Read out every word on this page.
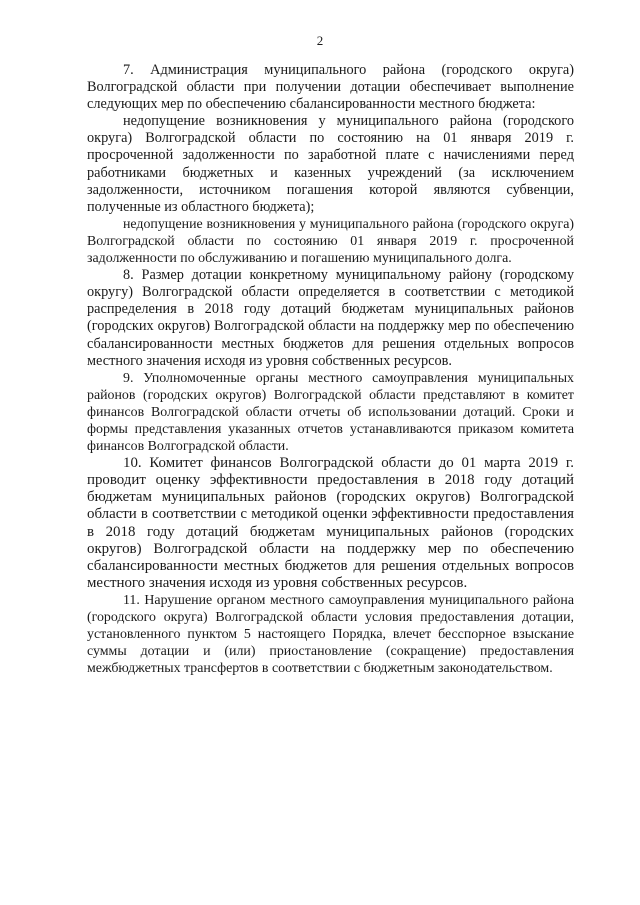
2

7. Администрация муниципального района (городского округа) Волгоградской области при получении дотации обеспечивает выполнение следующих мер по обеспечению сбалансированности местного бюджета:

недопущение возникновения у муниципального района (городского округа) Волгоградской области по состоянию на 01 января 2019 г. просроченной задолженности по заработной плате с начислениями перед работниками бюджетных и казенных учреждений (за исключением задолженности, источником погашения которой являются субвенции, полученные из областного бюджета);

недопущение возникновения у муниципального района (городского округа) Волгоградской области по состоянию 01 января 2019 г. просроченной задолженности по обслуживанию и погашению муниципального долга.

8. Размер дотации конкретному муниципальному району (городскому округу) Волгоградской области определяется в соответствии с методикой распределения в 2018 году дотаций бюджетам муниципальных районов (городских округов) Волгоградской области на поддержку мер по обеспечению сбалансированности местных бюджетов для решения отдельных вопросов местного значения исходя из уровня собственных ресурсов.

9. Уполномоченные органы местного самоуправления муниципальных районов (городских округов) Волгоградской области представляют в комитет финансов Волгоградской области отчеты об использовании дотаций. Сроки и формы представления указанных отчетов устанавливаются приказом комитета финансов Волгоградской области.

10. Комитет финансов Волгоградской области до 01 марта 2019 г. проводит оценку эффективности предоставления в 2018 году дотаций бюджетам муниципальных районов (городских округов) Волгоградской области в соответствии с методикой оценки эффективности предоставления в 2018 году дотаций бюджетам муниципальных районов (городских округов) Волгоградской области на поддержку мер по обеспечению сбалансированности местных бюджетов для решения отдельных вопросов местного значения исходя из уровня собственных ресурсов.

11. Нарушение органом местного самоуправления муниципального района (городского округа) Волгоградской области условия предоставления дотации, установленного пунктом 5 настоящего Порядка, влечет бесспорное взыскание суммы дотации и (или) приостановление (сокращение) предоставления межбюджетных трансфертов в соответствии с бюджетным законодательством.
